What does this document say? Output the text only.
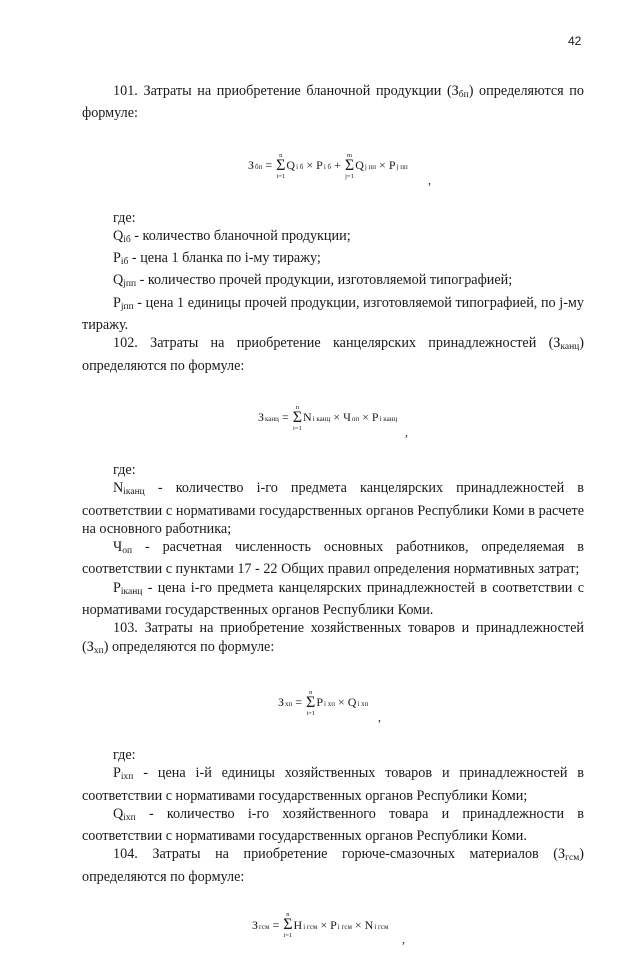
42

101. Затраты на приобретение бланочной продукции $(З_{бп})$ определяются по формуле:

З бп =
n
Σ
i=1
Q i б × P i б +
m
Σ
j=1
Q j пп × P j пп
,

где:

$Q_{iб}$ - количество бланочной продукции;

$P_{iб}$ - цена 1 бланка по i-му тиражу;

$Q_{jпп}$ - количество прочей продукции, изготовляемой типографией;

$P_{jпп}$ - цена 1 единицы прочей продукции, изготовляемой типографией, по j-му тиражу.

102. Затраты на приобретение канцелярских принадлежностей $(З_{канц})$ определяются по формуле:

З канц =
n
Σ
i=1
N i канц × Ч оп × P i канц
,

где:

$N_{iканц}$ - количество i-го предмета канцелярских принадлежностей в соответствии с нормативами государственных органов Республики Коми в расчете на основного работника;

$Ч_{оп}$ - расчетная численность основных работников, определяемая в соответствии с пунктами 17 - 22 Общих правил определения нормативных затрат;

$P_{iканц}$ - цена i-го предмета канцелярских принадлежностей в соответствии с нормативами государственных органов Республики Коми.

103. Затраты на приобретение хозяйственных товаров и принадлежностей $(З_{хп})$ определяются по формуле:

З хп =
n
Σ
i=1
P i хп × Q i хп
,

где:

$P_{iхп}$ - цена i-й единицы хозяйственных товаров и принадлежностей в соответствии с нормативами государственных органов Республики Коми;

$Q_{iхп}$ - количество i-го хозяйственного товара и принадлежности в соответствии с нормативами государственных органов Республики Коми.

104. Затраты на приобретение горюче-смазочных материалов $(З_{гсм})$ определяются по формуле:

З гсм =
n
Σ
i=1
Н i гсм × P i гсм × N i гсм
,
